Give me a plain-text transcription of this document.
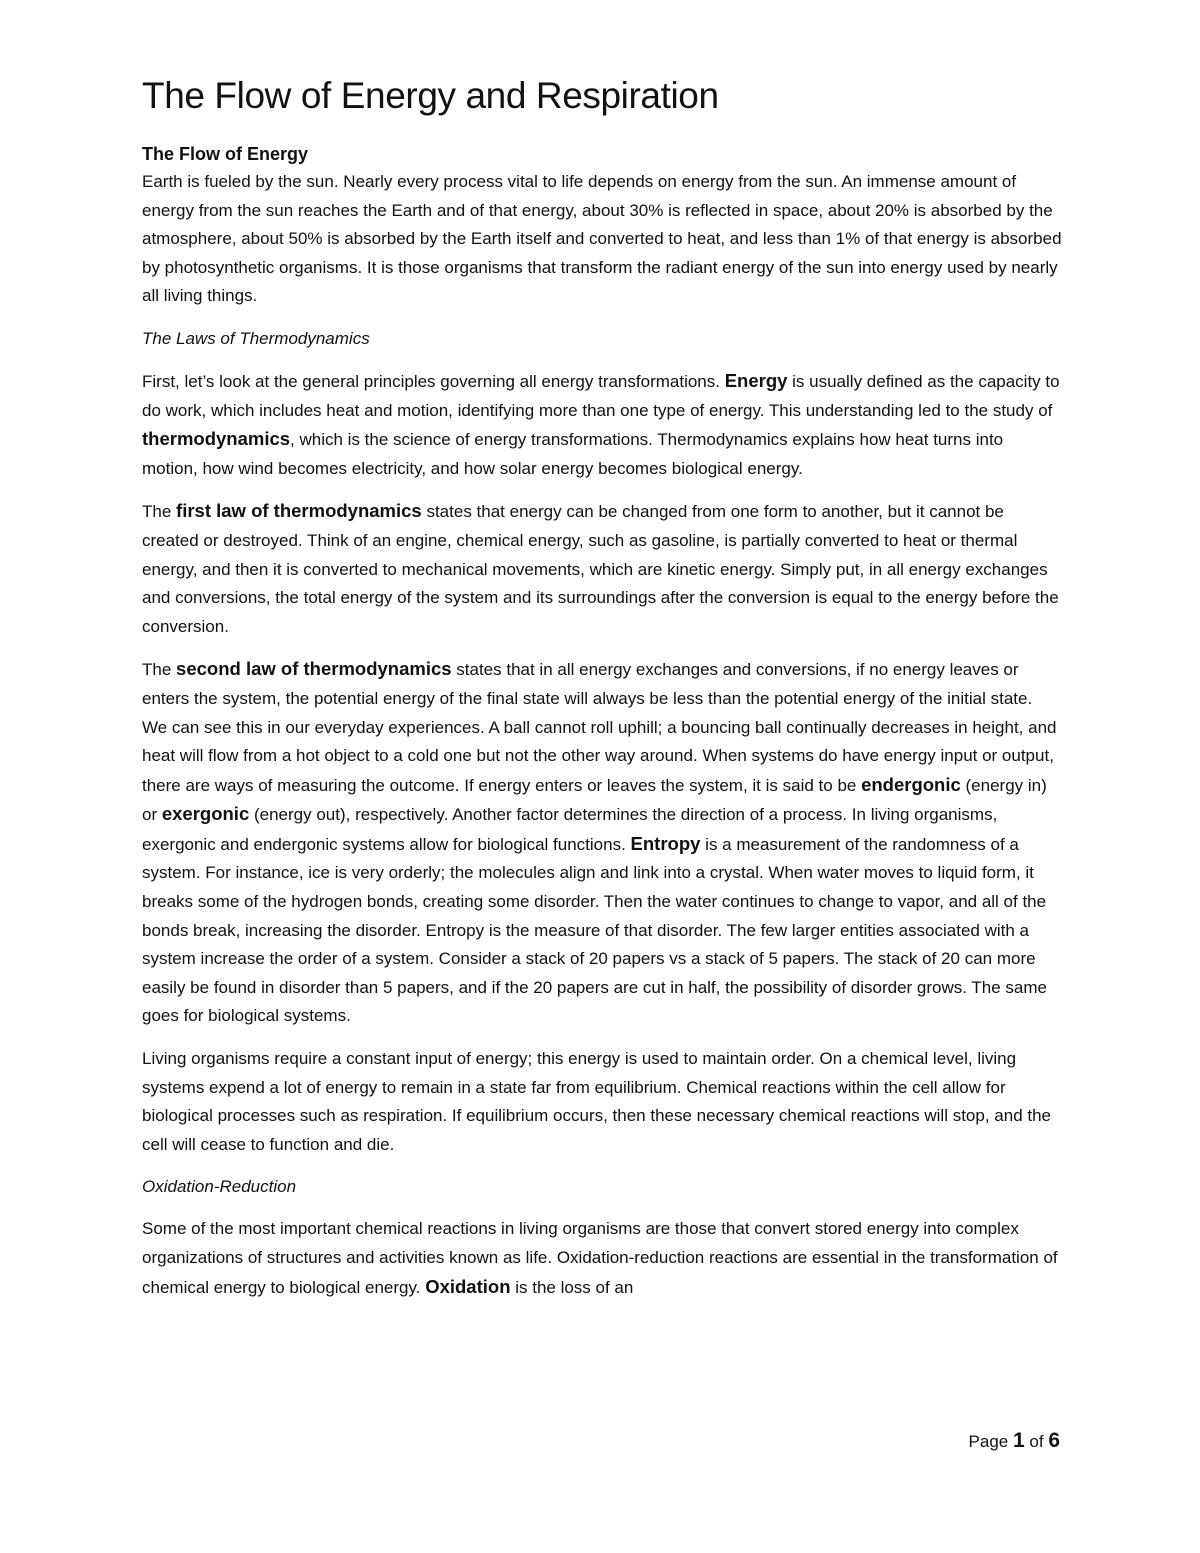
The Flow of Energy and Respiration
The Flow of Energy

Earth is fueled by the sun. Nearly every process vital to life depends on energy from the sun. An immense amount of energy from the sun reaches the Earth and of that energy, about 30% is reflected in space, about 20% is absorbed by the atmosphere, about 50% is absorbed by the Earth itself and converted to heat, and less than 1% of that energy is absorbed by photosynthetic organisms. It is those organisms that transform the radiant energy of the sun into energy used by nearly all living things.

The Laws of Thermodynamics

First, let’s look at the general principles governing all energy transformations. Energy is usually defined as the capacity to do work, which includes heat and motion, identifying more than one type of energy. This understanding led to the study of thermodynamics, which is the science of energy transformations. Thermodynamics explains how heat turns into motion, how wind becomes electricity, and how solar energy becomes biological energy.

The first law of thermodynamics states that energy can be changed from one form to another, but it cannot be created or destroyed. Think of an engine, chemical energy, such as gasoline, is partially converted to heat or thermal energy, and then it is converted to mechanical movements, which are kinetic energy. Simply put, in all energy exchanges and conversions, the total energy of the system and its surroundings after the conversion is equal to the energy before the conversion.

The second law of thermodynamics states that in all energy exchanges and conversions, if no energy leaves or enters the system, the potential energy of the final state will always be less than the potential energy of the initial state. We can see this in our everyday experiences. A ball cannot roll uphill; a bouncing ball continually decreases in height, and heat will flow from a hot object to a cold one but not the other way around. When systems do have energy input or output, there are ways of measuring the outcome. If energy enters or leaves the system, it is said to be endergonic (energy in) or exergonic (energy out), respectively. Another factor determines the direction of a process. In living organisms, exergonic and endergonic systems allow for biological functions. Entropy is a measurement of the randomness of a system. For instance, ice is very orderly; the molecules align and link into a crystal. When water moves to liquid form, it breaks some of the hydrogen bonds, creating some disorder. Then the water continues to change to vapor, and all of the bonds break, increasing the disorder. Entropy is the measure of that disorder. The few larger entities associated with a system increase the order of a system. Consider a stack of 20 papers vs a stack of 5 papers. The stack of 20 can more easily be found in disorder than 5 papers, and if the 20 papers are cut in half, the possibility of disorder grows. The same goes for biological systems.

Living organisms require a constant input of energy; this energy is used to maintain order. On a chemical level, living systems expend a lot of energy to remain in a state far from equilibrium. Chemical reactions within the cell allow for biological processes such as respiration. If equilibrium occurs, then these necessary chemical reactions will stop, and the cell will cease to function and die.

Oxidation-Reduction

Some of the most important chemical reactions in living organisms are those that convert stored energy into complex organizations of structures and activities known as life. Oxidation-reduction reactions are essential in the transformation of chemical energy to biological energy. Oxidation is the loss of an

Page 1 of 6
